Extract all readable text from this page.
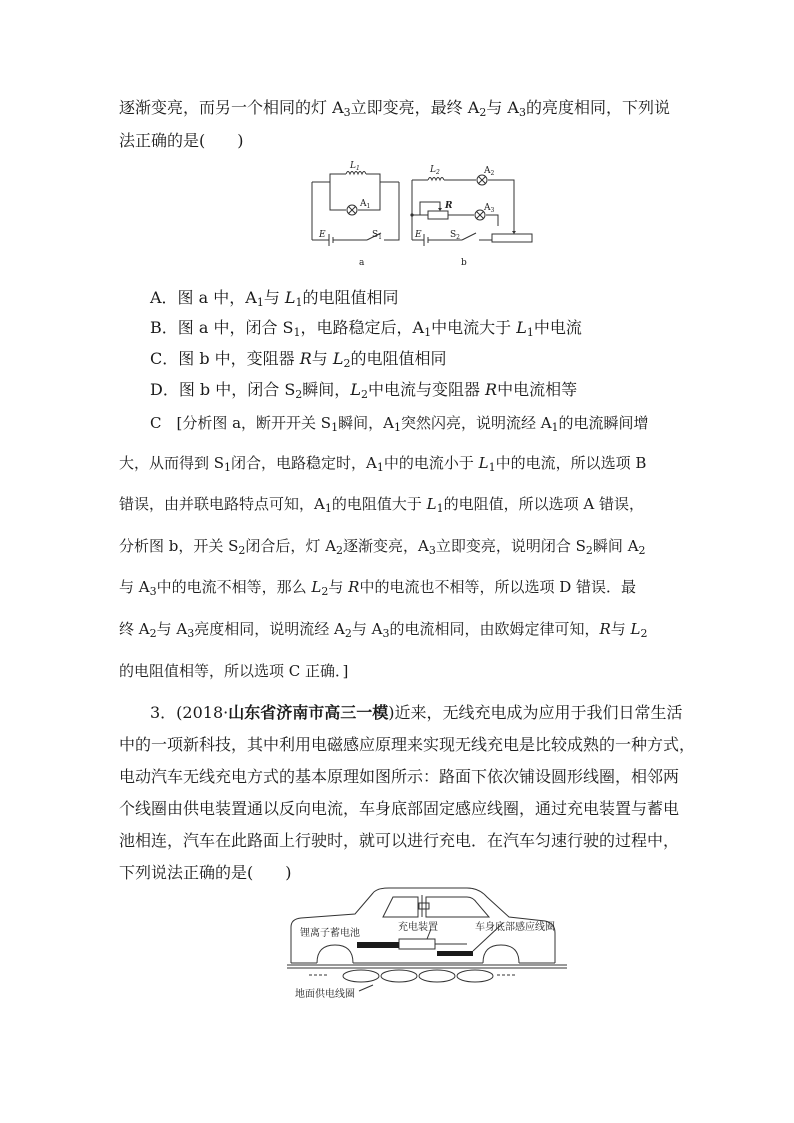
逐渐变亮，而另一个相同的灯 $A_3$立即变亮，最终 $A_2$与 $A_3$的亮度相同，下列说
法正确的是(　　)
$L_1$
$A_1$
E	$S_1$
$L_2$	$A_2$
R	$A_3$
E	$S_2$
a	b
A．图 a 中，$A_1$与 $L_1$的电阻值相同
B．图 a 中，闭合 $S_1$，电路稳定后，$A_1$中电流大于 $L_1$中电流
C．图 b 中，变阻器 R与 $L_2$的电阻值相同
D．图 b 中，闭合 $S_2$瞬间，$L_2$中电流与变阻器 R中电流相等
C　[分析图 a，断开开关 $S_1$瞬间，$A_1$突然闪亮，说明流经 $A_1$的电流瞬间增
大，从而得到 $S_1$闭合，电路稳定时，$A_1$中的电流小于 $L_1$中的电流，所以选项 B
错误，由并联电路特点可知，$A_1$的电阻值大于 $L_1$的电阻值，所以选项 A 错误，
分析图 b，开关 $S_2$闭合后，灯 $A_2$逐渐变亮，$A_3$立即变亮，说明闭合 $S_2$瞬间 $A_2$
与 $A_3$中的电流不相等，那么 $L_2$与 R中的电流也不相等，所以选项 D 错误．最
终 $A_2$与 $A_3$亮度相同，说明流经 $A_2$与 $A_3$的电流相同，由欧姆定律可知，R与 $L_2$
的电阻值相等，所以选项 C 正确．]
3．(2018·山东省济南市高三一模)近来，无线充电成为应用于我们日常生活
中的一项新科技，其中利用电磁感应原理来实现无线充电是比较成熟的一种方式，
电动汽车无线充电方式的基本原理如图所示：路面下依次铺设圆形线圈，相邻两
个线圈由供电装置通以反向电流，车身底部固定感应线圈，通过充电装置与蓄电
池相连，汽车在此路面上行驶时，就可以进行充电．在汽车匀速行驶的过程中，
下列说法正确的是(　　)
锂离子蓄电池
充电装置	车身底部感应线圈
地面供电线圈
